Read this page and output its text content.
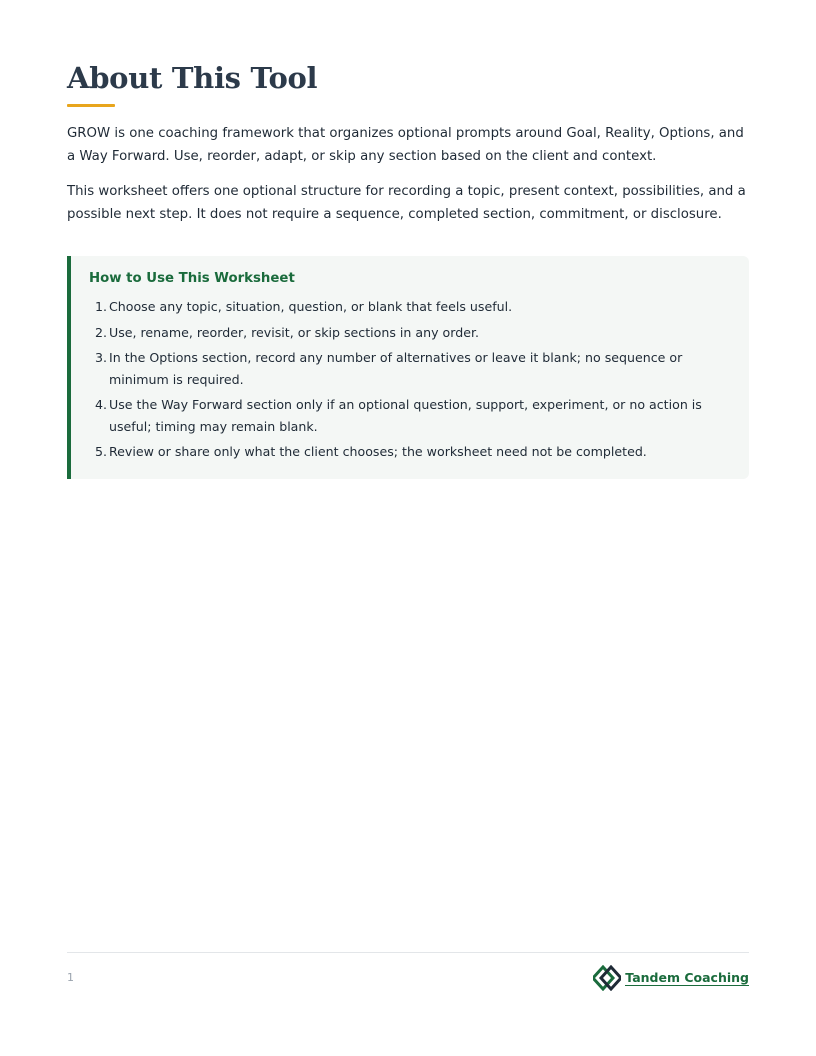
About This Tool

GROW is one coaching framework that organizes optional prompts around Goal, Reality, Options, and a Way Forward. Use, reorder, adapt, or skip any section based on the client and context.

This worksheet offers one optional structure for recording a topic, present context, possibilities, and a possible next step. It does not require a sequence, completed section, commitment, or disclosure.

How to Use This Worksheet
1. Choose any topic, situation, question, or blank that feels useful.
2. Use, rename, reorder, revisit, or skip sections in any order.
3. In the Options section, record any number of alternatives or leave it blank; no sequence or minimum is required.
4. Use the Way Forward section only if an optional question, support, experiment, or no action is useful; timing may remain blank.
5. Review or share only what the client chooses; the worksheet need not be completed.
1	Tandem Coaching
